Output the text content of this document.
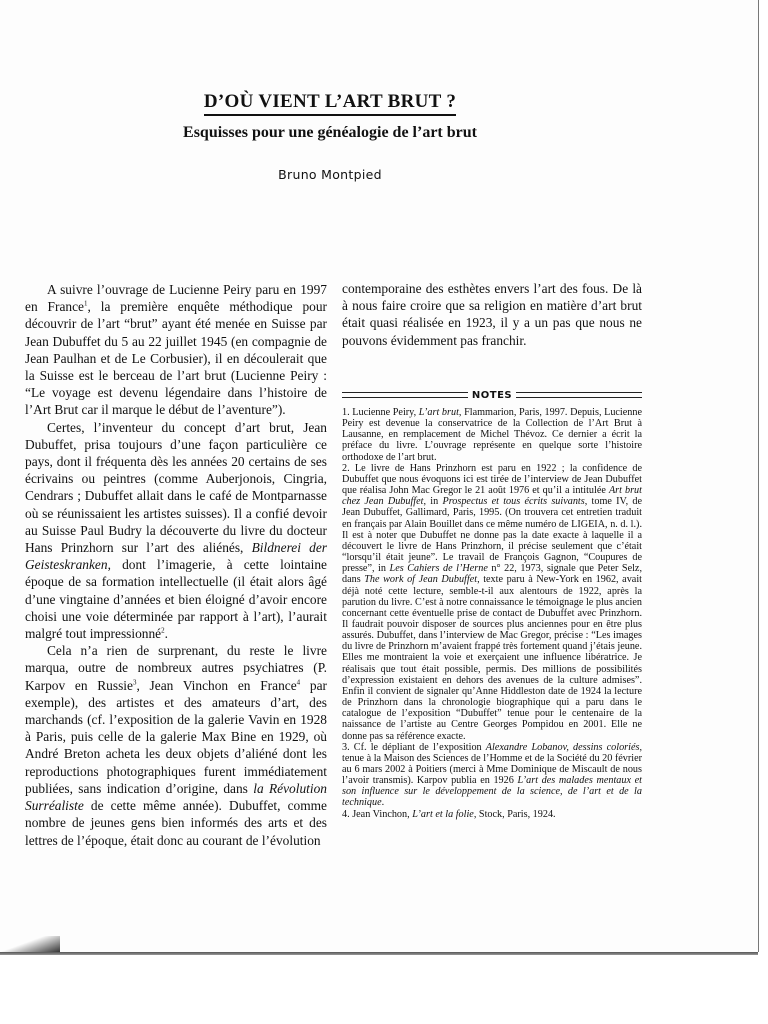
D’OÙ VIENT L’ART BRUT ?
Esquisses pour une généalogie de l’art brut
Bruno Montpied

A suivre l’ouvrage de Lucienne Peiry paru en 1997 en France$^1$, la première enquête méthodique pour découvrir de l’art “brut” ayant été menée en Suisse par Jean Dubuffet du 5 au 22 juillet 1945 (en compagnie de Jean Paulhan et de Le Corbusier), il en découlerait que la Suisse est le berceau de l’art brut (Lucienne Peiry : “Le voyage est devenu légendaire dans l’histoire de l’Art Brut car il marque le début de l’aventure”).

Certes, l’inventeur du concept d’art brut, Jean Dubuffet, prisa toujours d’une façon particulière ce pays, dont il fréquenta dès les années 20 certains de ses écrivains ou peintres (comme Auberjonois, Cingria, Cendrars ; Dubuffet allait dans le café de Montparnasse où se réunissaient les artistes suisses). Il a confié devoir au Suisse Paul Budry la découverte du livre du docteur Hans Prinzhorn sur l’art des aliénés, Bildnerei der Geisteskranken, dont l’imagerie, à cette lointaine époque de sa formation intellectuelle (il était alors âgé d’une vingtaine d’années et bien éloigné d’avoir encore choisi une voie déterminée par rapport à l’art), l’aurait malgré tout impressionné$^2$.

Cela n’a rien de surprenant, du reste le livre marqua, outre de nombreux autres psychiatres (P. Karpov en Russie$^3$, Jean Vinchon en France$^4$ par exemple), des artistes et des amateurs d’art, des marchands (cf. l’exposition de la galerie Vavin en 1928 à Paris, puis celle de la galerie Max Bine en 1929, où André Breton acheta les deux objets d’aliéné dont les reproductions photographiques furent immédiatement publiées, sans indication d’origine, dans la Révolution Surréaliste de cette même année). Dubuffet, comme nombre de jeunes gens bien informés des arts et des lettres de l’époque, était donc au courant de l’évolution

contemporaine des esthètes envers l’art des fous. De là à nous faire croire que sa religion en matière d’art brut était quasi réalisée en 1923, il y a un pas que nous ne pouvons évidemment pas franchir.

NOTES

1. Lucienne Peiry, L’art brut, Flammarion, Paris, 1997. Depuis, Lucienne Peiry est devenue la conservatrice de la Collection de l’Art Brut à Lausanne, en remplacement de Michel Thévoz. Ce dernier a écrit la préface du livre. L’ouvrage représente en quelque sorte l’histoire orthodoxe de l’art brut.

2. Le livre de Hans Prinzhorn est paru en 1922 ; la confidence de Dubuffet que nous évoquons ici est tirée de l’interview de Jean Dubuffet que réalisa John Mac Gregor le 21 août 1976 et qu’il a intitulée Art brut chez Jean Dubuffet, in Prospectus et tous écrits suivants, tome IV, de Jean Dubuffet, Gallimard, Paris, 1995. (On trouvera cet entretien traduit en français par Alain Bouillet dans ce même numéro de LIGEIA, n. d. l.). Il est à noter que Dubuffet ne donne pas la date exacte à laquelle il a découvert le livre de Hans Prinzhorn, il précise seulement que c’était “lorsqu’il était jeune”. Le travail de François Gagnon, “Coupures de presse”, in Les Cahiers de l’Herne n° 22, 1973, signale que Peter Selz, dans The work of Jean Dubuffet, texte paru à New-York en 1962, avait déjà noté cette lecture, semble-t-il aux alentours de 1922, après la parution du livre. C’est à notre connaissance le témoignage le plus ancien concernant cette éventuelle prise de contact de Dubuffet avec Prinzhorn. Il faudrait pouvoir disposer de sources plus anciennes pour en être plus assurés. Dubuffet, dans l’interview de Mac Gregor, précise : “Les images du livre de Prinzhorn m’avaient frappé très fortement quand j’étais jeune. Elles me montraient la voie et exerçaient une influence libératrice. Je réalisais que tout était possible, permis. Des millions de possibilités d’expression existaient en dehors des avenues de la culture admises”. Enfin il convient de signaler qu’Anne Hiddleston date de 1924 la lecture de Prinzhorn dans la chronologie biographique qui a paru dans le catalogue de l’exposition “Dubuffet” tenue pour le centenaire de la naissance de l’artiste au Centre Georges Pompidou en 2001. Elle ne donne pas sa référence exacte.

3. Cf. le dépliant de l’exposition Alexandre Lobanov, dessins coloriés, tenue à la Maison des Sciences de l’Homme et de la Société du 20 février au 6 mars 2002 à Poitiers (merci à Mme Dominique de Miscault de nous l’avoir transmis). Karpov publia en 1926 L’art des malades mentaux et son influence sur le développement de la science, de l’art et de la technique.

4. Jean Vinchon, L’art et la folie, Stock, Paris, 1924.
